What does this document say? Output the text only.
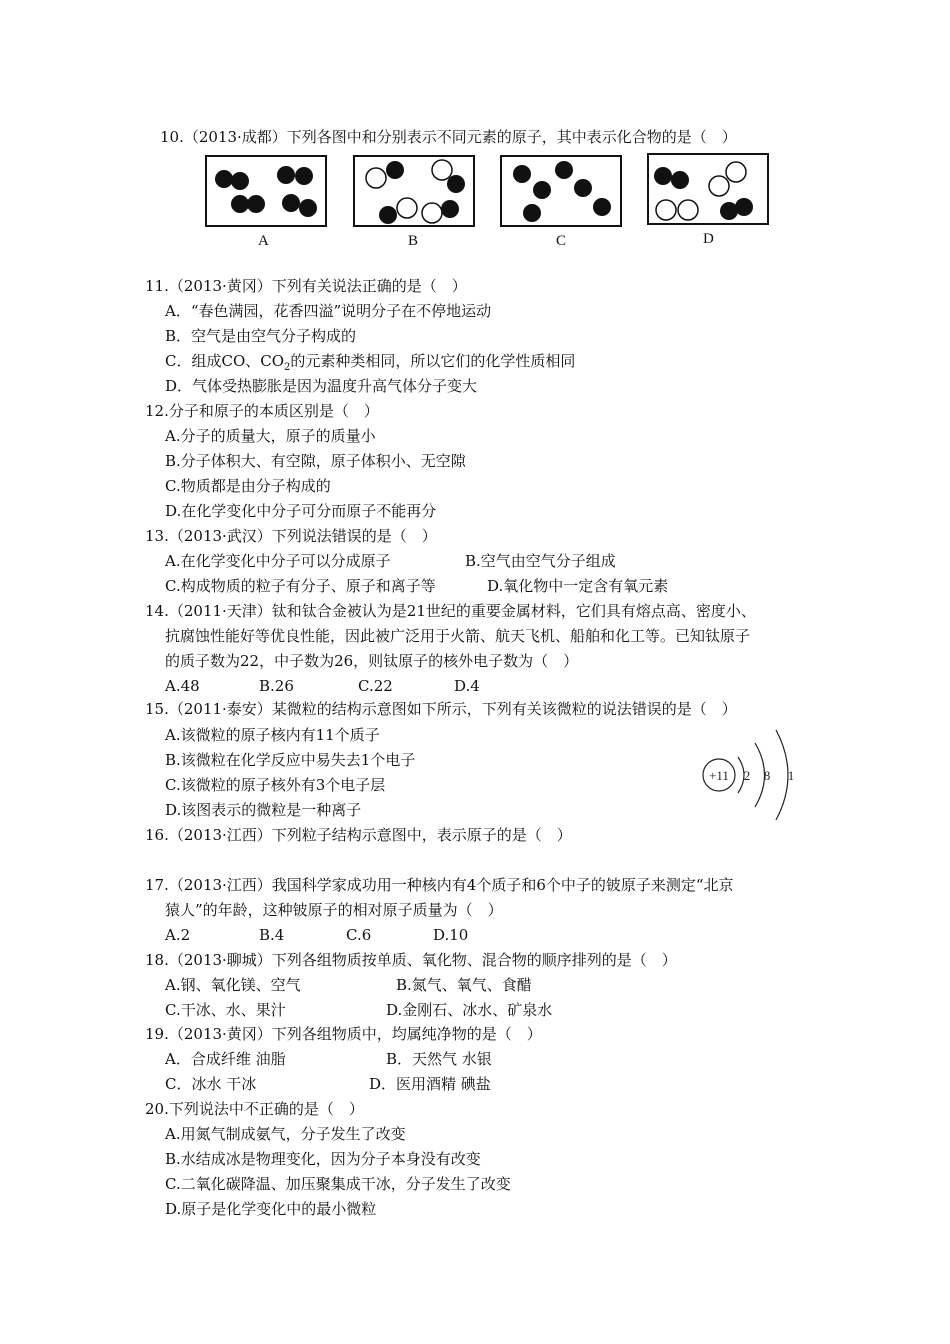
10.（2013·成都）下列各图中和分别表示不同元素的原子，其中表示化合物的是（　）
A	B	C	D
11.（2013·黄冈）下列有关说法正确的是（　）
A．“春色满园，花香四溢”说明分子在不停地运动
B．空气是由空气分子构成的
C．组成CO、$CO_2$的元素种类相同，所以它们的化学性质相同
D．气体受热膨胀是因为温度升高气体分子变大
12.分子和原子的本质区别是（　）
A.分子的质量大，原子的质量小
B.分子体积大、有空隙，原子体积小、无空隙
C.物质都是由分子构成的
D.在化学变化中分子可分而原子不能再分
13.（2013·武汉）下列说法错误的是（　）
A.在化学变化中分子可以分成原子	B.空气由空气分子组成
C.构成物质的粒子有分子、原子和离子等	D.氧化物中一定含有氧元素
14.（2011·天津）钛和钛合金被认为是21世纪的重要金属材料，它们具有熔点高、密度小、
抗腐蚀性能好等优良性能，因此被广泛用于火箭、航天飞机、船舶和化工等。已知钛原子
的质子数为22，中子数为26，则钛原子的核外电子数为（　）
A.48	B.26	C.22	D.4
15.（2011·泰安）某微粒的结构示意图如下所示，下列有关该微粒的说法错误的是（　）
A.该微粒的原子核内有11个质子
B.该微粒在化学反应中易失去1个电子
C.该微粒的原子核外有3个电子层
D.该图表示的微粒是一种离子
+11 2 8 1
16.（2013·江西）下列粒子结构示意图中，表示原子的是（　）
17.（2013·江西）我国科学家成功用一种核内有4个质子和6个中子的铍原子来测定“北京
猿人”的年龄，这种铍原子的相对原子质量为（　）
A.2	B.4	C.6	D.10
18.（2013·聊城）下列各组物质按单质、氧化物、混合物的顺序排列的是（　）
A.钢、氧化镁、空气	B.氮气、氧气、食醋
C.干冰、水、果汁	D.金刚石、冰水、矿泉水
19.（2013·黄冈）下列各组物质中，均属纯净物的是（　）
A．合成纤维 油脂	B．天然气 水银
C．冰水 干冰	D．医用酒精 碘盐
20.下列说法中不正确的是（　）
A.用氮气制成氨气，分子发生了改变
B.水结成冰是物理变化，因为分子本身没有改变
C.二氧化碳降温、加压聚集成干冰，分子发生了改变
D.原子是化学变化中的最小微粒
